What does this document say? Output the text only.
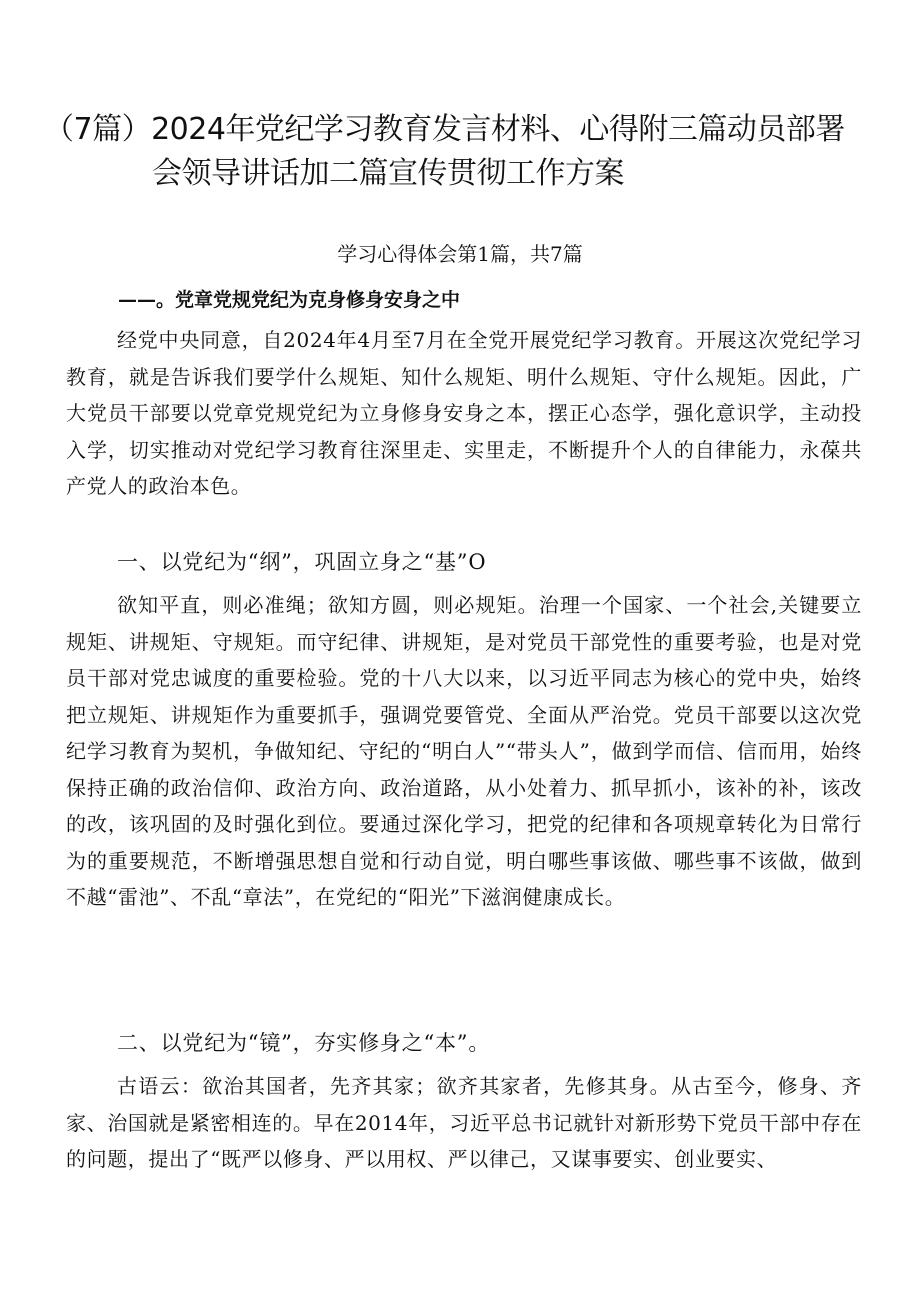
（7篇）2024年党纪学习教育发言材料、心得附三篇动员部署
会领导讲话加二篇宣传贯彻工作方案
学习心得体会第1篇，共7篇
——。党章党规党纪为克身修身安身之中

经党中央同意，自2024年4月至7月在全党开展党纪学习教育。开展这次党纪学习教育，就是告诉我们要学什么规矩、知什么规矩、明什么规矩、守什么规矩。因此，广大党员干部要以党章党规党纪为立身修身安身之本，摆正心态学，强化意识学，主动投入学，切实推动对党纪学习教育往深里走、实里走，不断提升个人的自律能力，永葆共产党人的政治本色。

一、以党纪为“纲”，巩固立身之“基”O

欲知平直，则必准绳；欲知方圆，则必规矩。治理一个国家、一个社会,关键要立规矩、讲规矩、守规矩。而守纪律、讲规矩，是对党员干部党性的重要考验，也是对党员干部对党忠诚度的重要检验。党的十八大以来，以习近平同志为核心的党中央，始终把立规矩、讲规矩作为重要抓手，强调党要管党、全面从严治党。党员干部要以这次党纪学习教育为契机，争做知纪、守纪的“明白人”“带头人”，做到学而信、信而用，始终保持正确的政治信仰、政治方向、政治道路，从小处着力、抓早抓小，该补的补，该改的改，该巩固的及时强化到位。要通过深化学习，把党的纪律和各项规章转化为日常行为的重要规范，不断增强思想自觉和行动自觉，明白哪些事该做、哪些事不该做，做到不越“雷池”、不乱“章法”，在党纪的“阳光”下滋润健康成长。

二、以党纪为“镜”，夯实修身之“本”。

古语云：欲治其国者，先齐其家；欲齐其家者，先修其身。从古至今，修身、齐家、治国就是紧密相连的。早在2014年，习近平总书记就针对新形势下党员干部中存在的问题，提出了“既严以修身、严以用权、严以律己，又谋事要实、创业要实、
